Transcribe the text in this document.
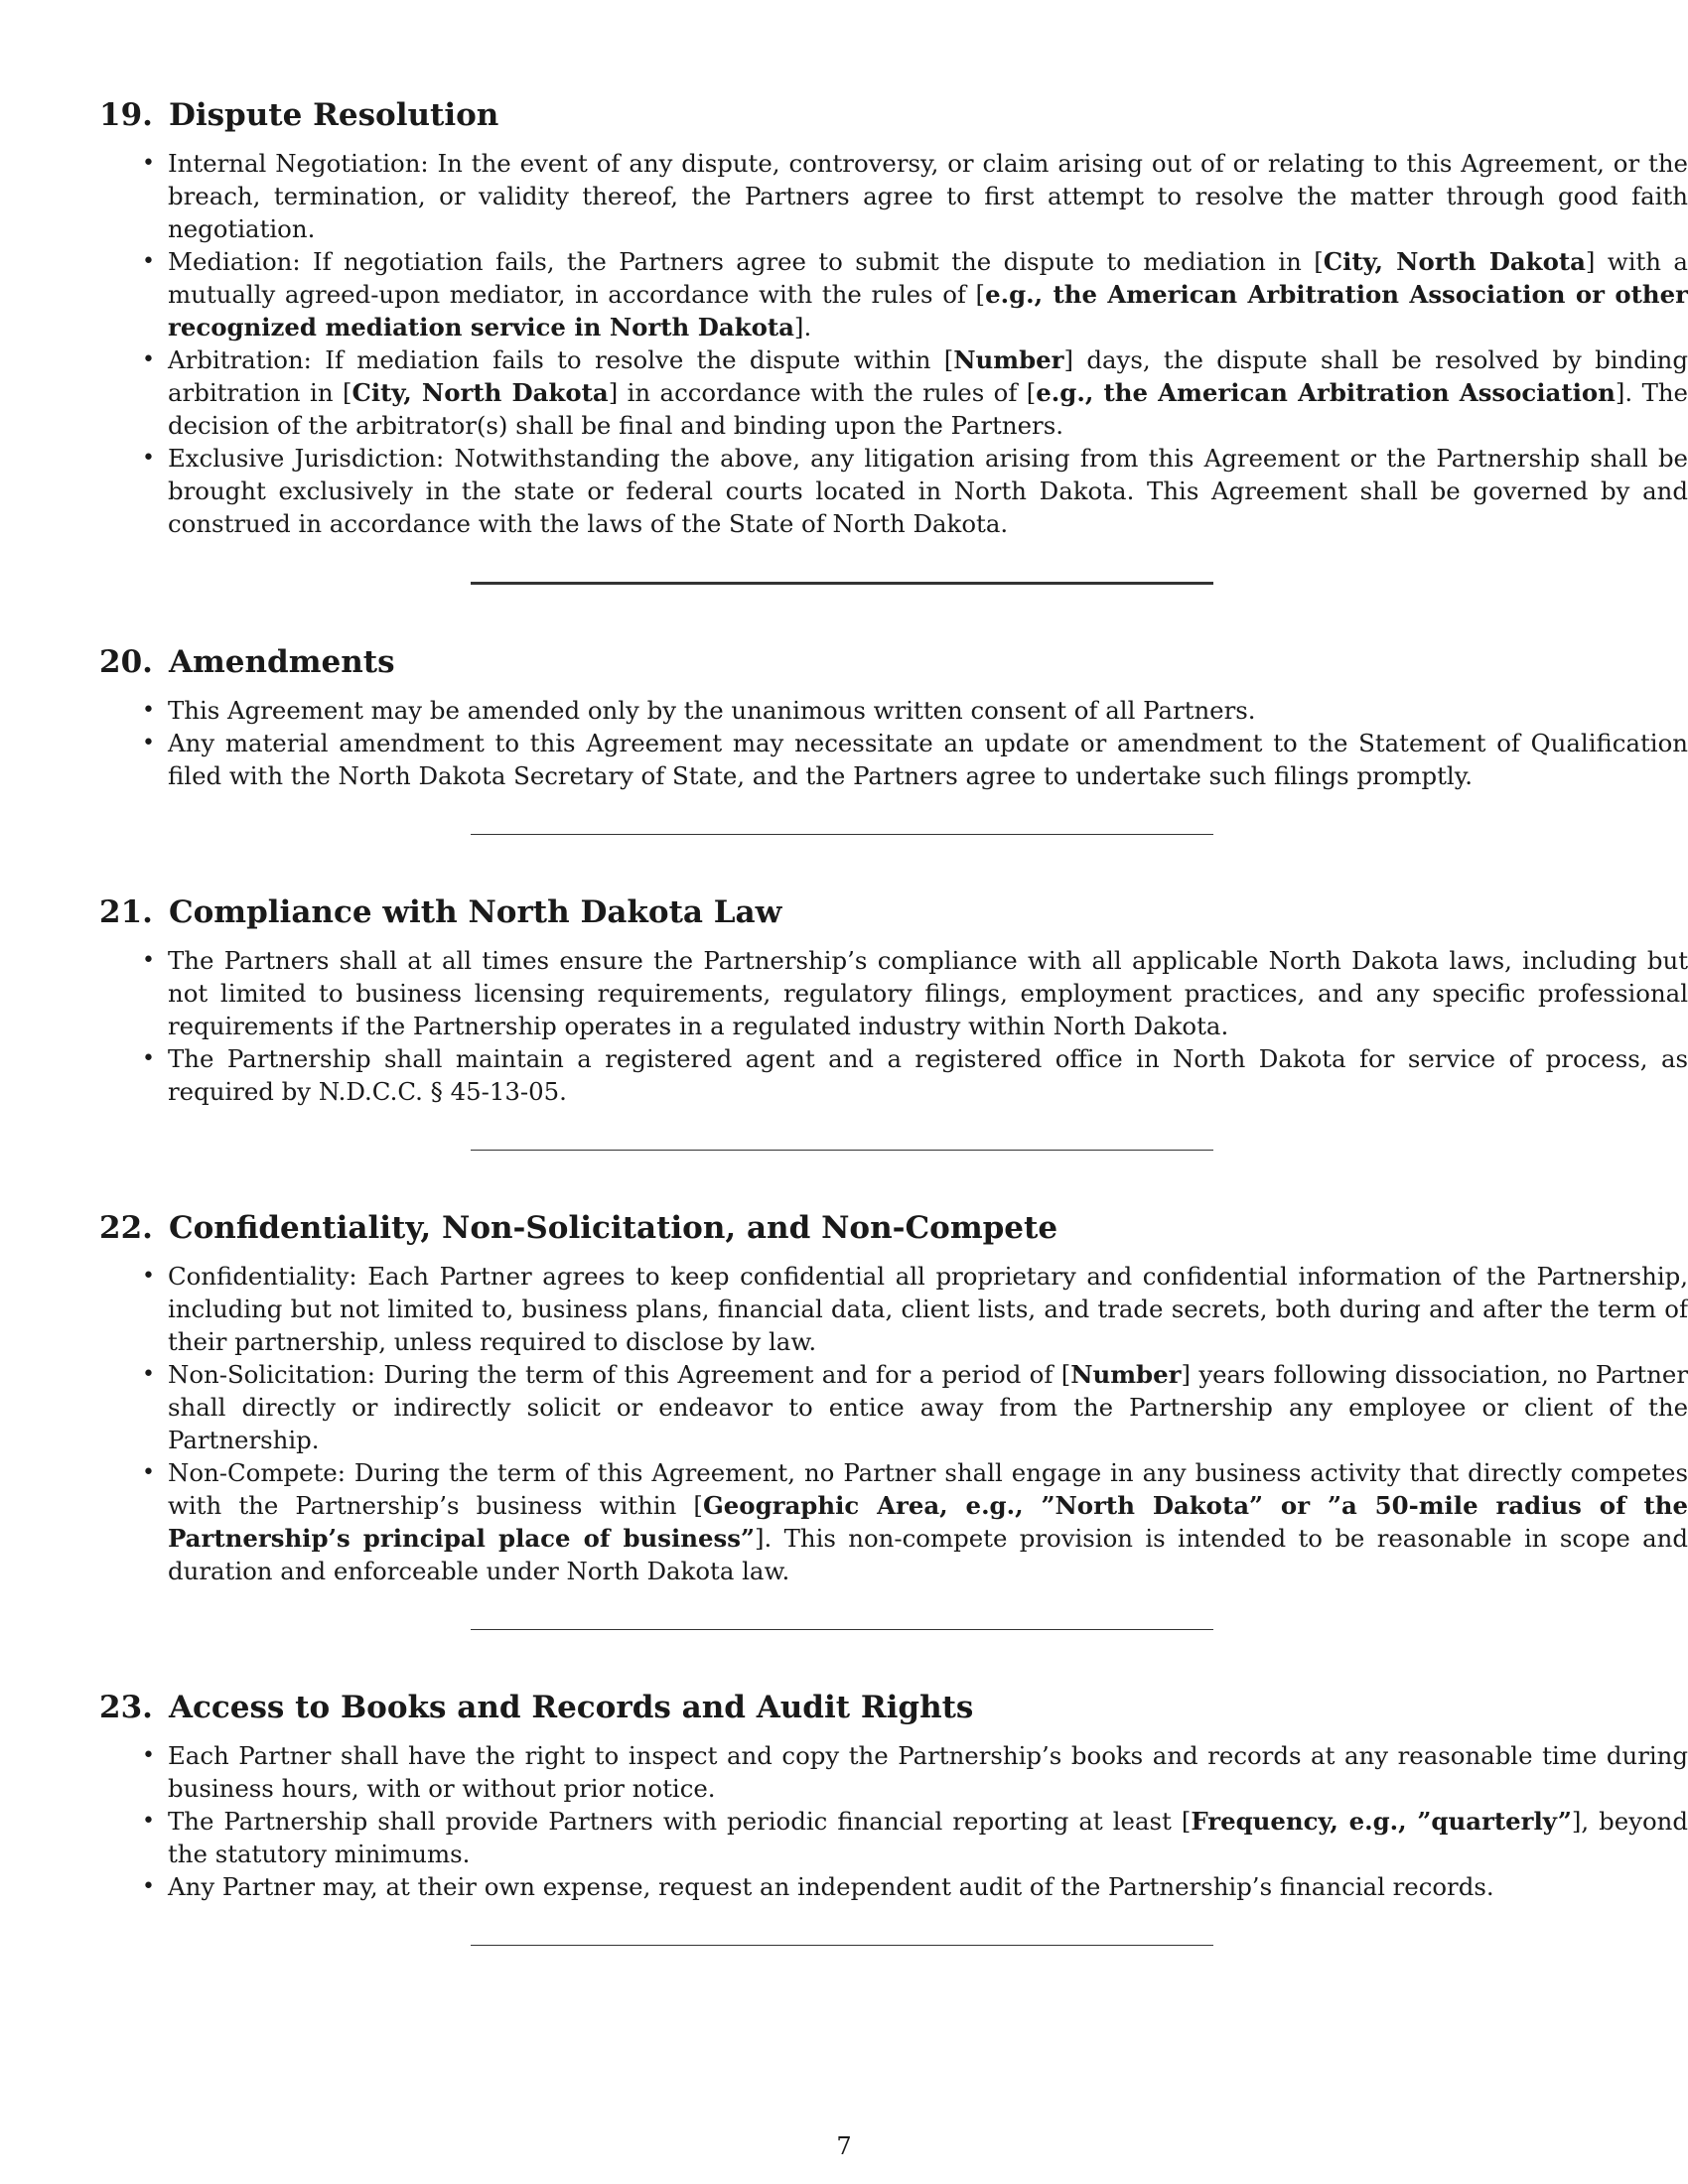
19. Dispute Resolution
• Internal Negotiation: In the event of any dispute, controversy, or claim arising out of or relating to this Agreement, or the breach, termination, or validity thereof, the Partners agree to first attempt to resolve the matter through good faith negotiation.
• Mediation: If negotiation fails, the Partners agree to submit the dispute to mediation in [City, North Dakota] with a mutually agreed-upon mediator, in accordance with the rules of [e.g., the American Arbitration Association or other recognized mediation service in North Dakota].
• Arbitration: If mediation fails to resolve the dispute within [Number] days, the dispute shall be resolved by binding arbitration in [City, North Dakota] in accordance with the rules of [e.g., the American Arbitration Association]. The decision of the arbitrator(s) shall be final and binding upon the Partners.
• Exclusive Jurisdiction: Notwithstanding the above, any litigation arising from this Agreement or the Partnership shall be brought exclusively in the state or federal courts located in North Dakota. This Agreement shall be governed by and construed in accordance with the laws of the State of North Dakota.
20. Amendments
• This Agreement may be amended only by the unanimous written consent of all Partners.
• Any material amendment to this Agreement may necessitate an update or amendment to the Statement of Qualification filed with the North Dakota Secretary of State, and the Partners agree to undertake such filings promptly.
21. Compliance with North Dakota Law
• The Partners shall at all times ensure the Partnership’s compliance with all applicable North Dakota laws, including but not limited to business licensing requirements, regulatory filings, employment practices, and any specific professional requirements if the Partnership operates in a regulated industry within North Dakota.
• The Partnership shall maintain a registered agent and a registered office in North Dakota for service of process, as required by N.D.C.C. § 45-13-05.
22. Confidentiality, Non-Solicitation, and Non-Compete
• Confidentiality: Each Partner agrees to keep confidential all proprietary and confidential information of the Partnership, including but not limited to, business plans, financial data, client lists, and trade secrets, both during and after the term of their partnership, unless required to disclose by law.
• Non-Solicitation: During the term of this Agreement and for a period of [Number] years following dissociation, no Partner shall directly or indirectly solicit or endeavor to entice away from the Partnership any employee or client of the Partnership.
• Non-Compete: During the term of this Agreement, no Partner shall engage in any business activity that directly competes with the Partnership’s business within [Geographic Area, e.g., ”North Dakota” or ”a 50-mile radius of the Partnership’s principal place of business”]. This non-compete provision is intended to be reasonable in scope and duration and enforceable under North Dakota law.
23. Access to Books and Records and Audit Rights
• Each Partner shall have the right to inspect and copy the Partnership’s books and records at any reasonable time during business hours, with or without prior notice.
• The Partnership shall provide Partners with periodic financial reporting at least [Frequency, e.g., ”quarterly”], beyond the statutory minimums.
• Any Partner may, at their own expense, request an independent audit of the Partnership’s financial records.
7
